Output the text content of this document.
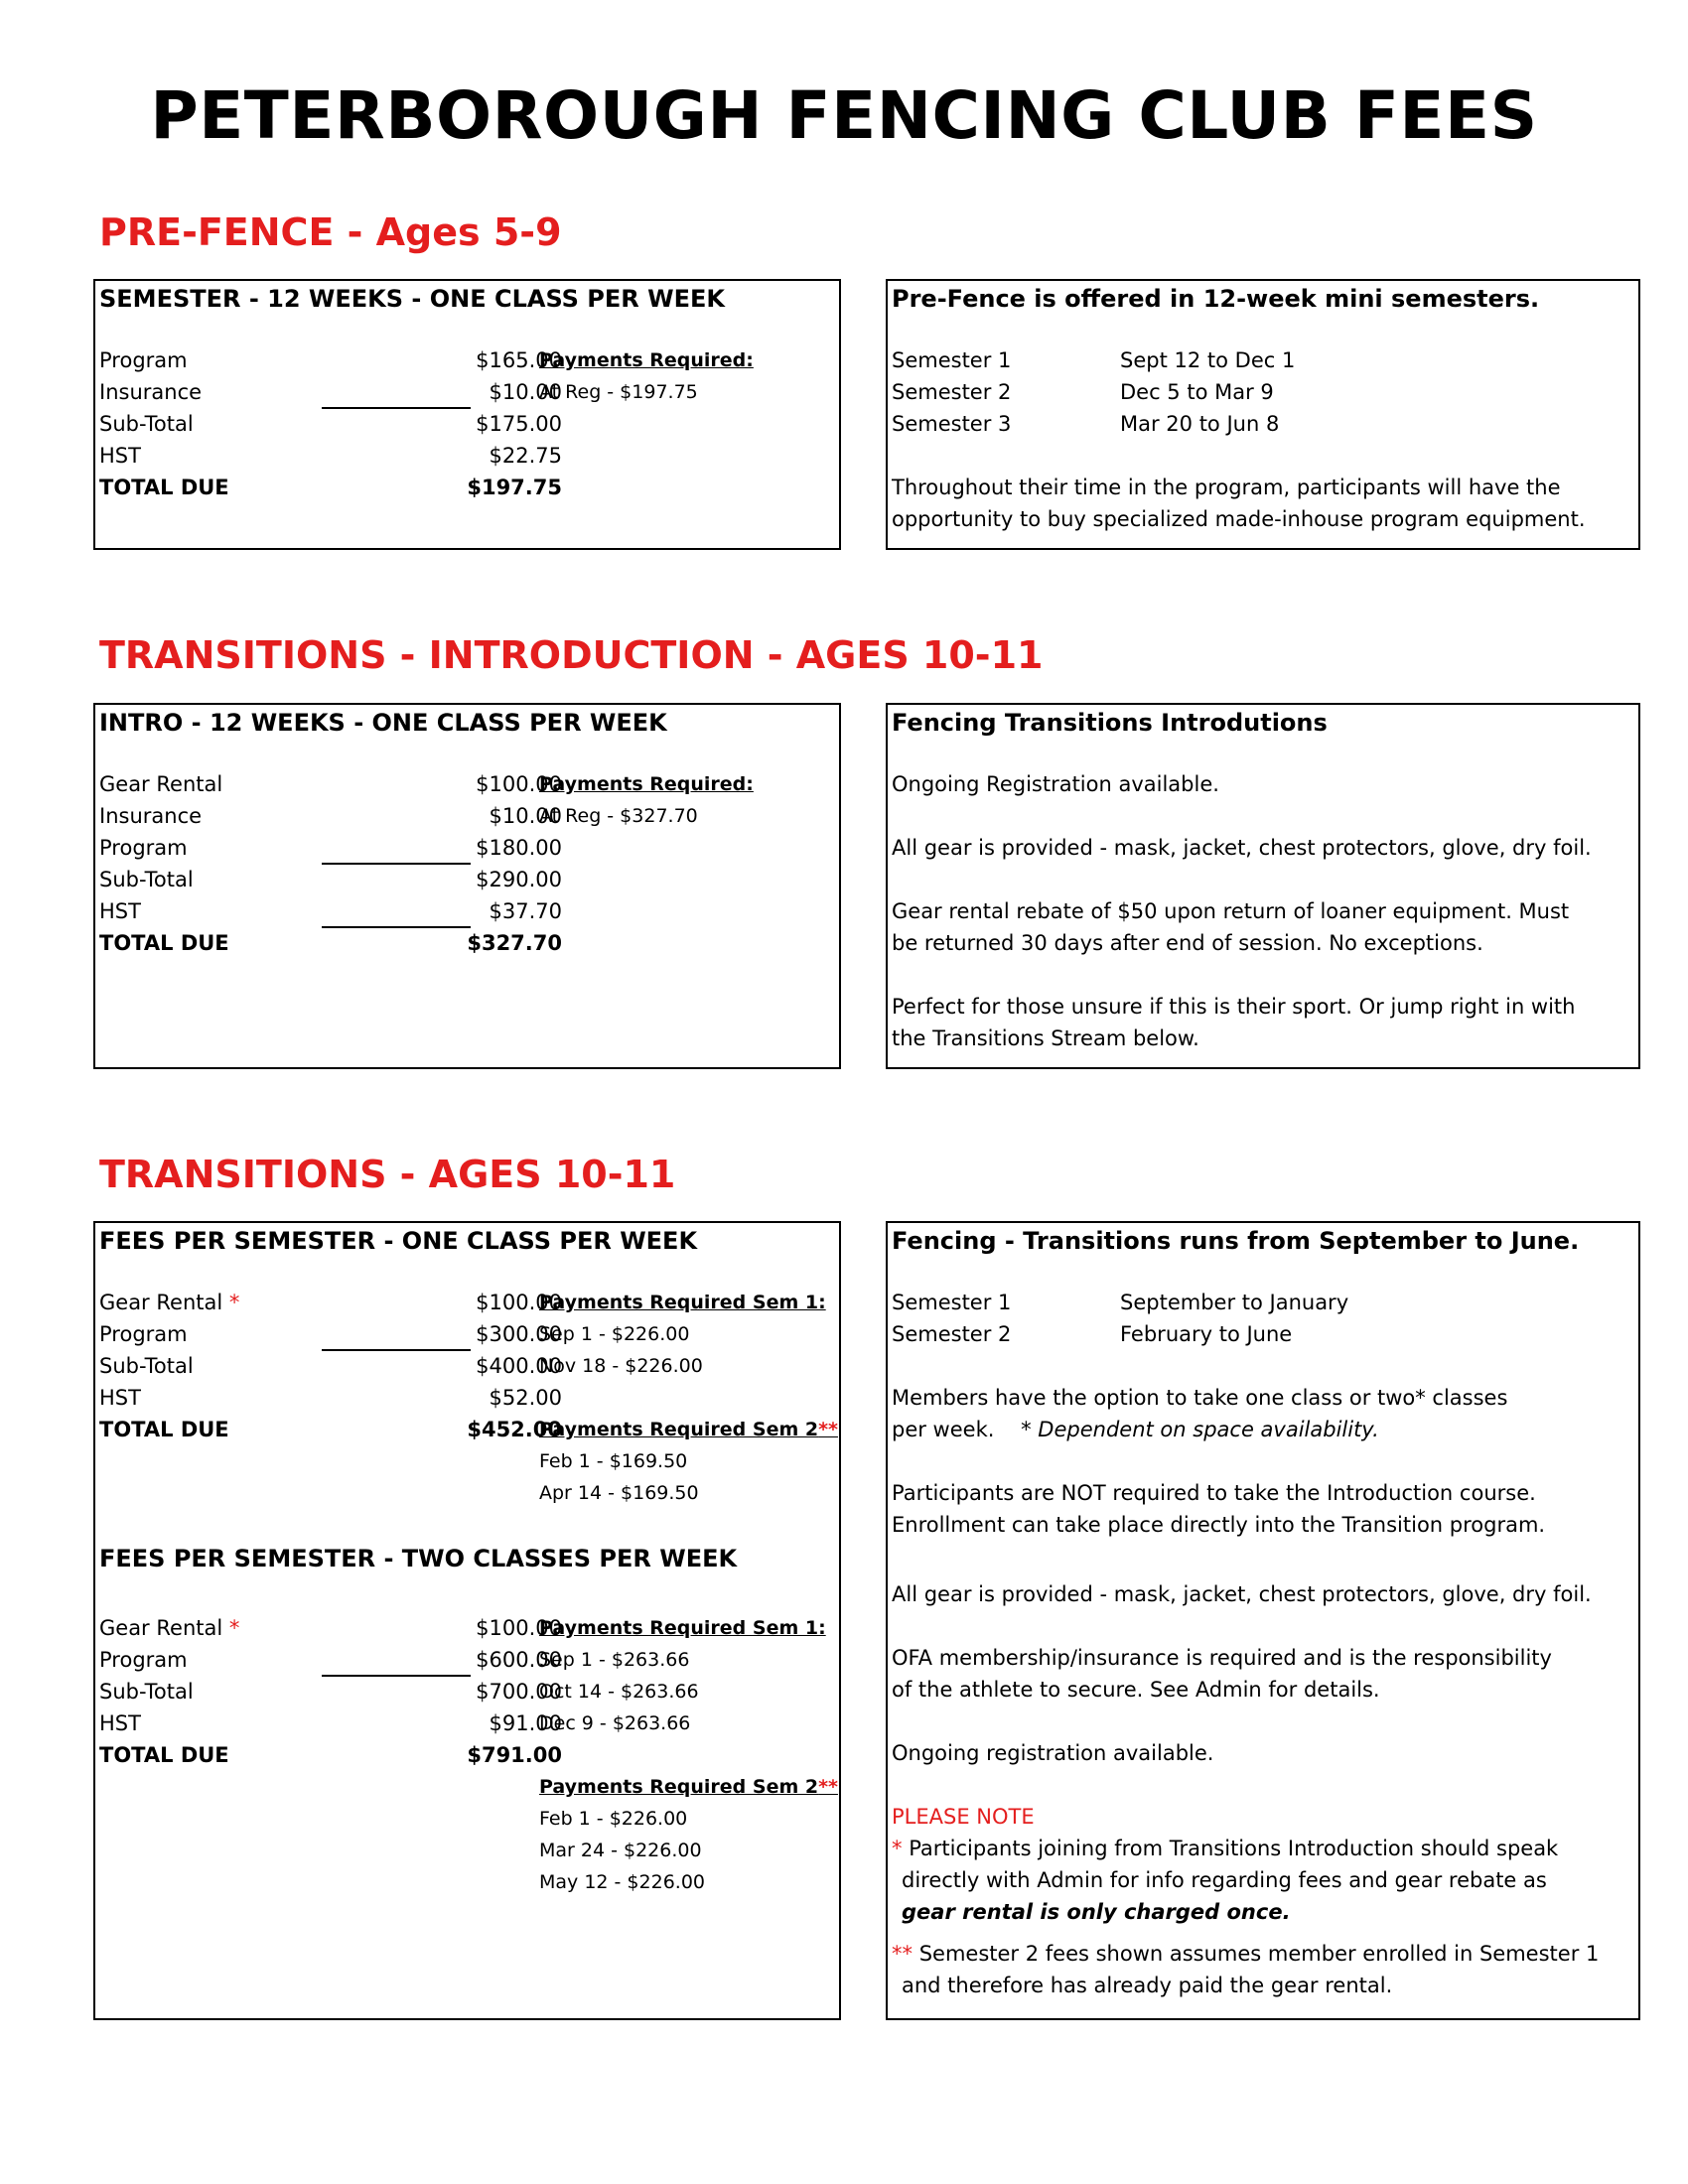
PETERBOROUGH FENCING CLUB FEES
PRE-FENCE - Ages 5-9
SEMESTER - 12 WEEKS - ONE CLASS PER WEEK
Program	$165.00
Insurance	$10.00
Sub-Total	$175.00
HST	$22.75
TOTAL DUE	$197.75
Payments Required:
At Reg - $197.75
Pre-Fence is offered in 12-week mini semesters.
Semester 1	Sept 12 to Dec 1
Semester 2	Dec 5 to Mar 9
Semester 3	Mar 20 to Jun 8
Throughout their time in the program, participants will have the
opportunity to buy specialized made-inhouse program equipment.
TRANSITIONS - INTRODUCTION - AGES 10-11
INTRO - 12 WEEKS - ONE CLASS PER WEEK
Gear Rental	$100.00
Insurance	$10.00
Program	$180.00
Sub-Total	$290.00
HST	$37.70
TOTAL DUE	$327.70
Payments Required:
At Reg - $327.70
Fencing Transitions Introdutions
Ongoing Registration available.
All gear is provided - mask, jacket, chest protectors, glove, dry foil.
Gear rental rebate of $50 upon return of loaner equipment. Must
be returned 30 days after end of session. No exceptions.
Perfect for those unsure if this is their sport. Or jump right in with
the Transitions Stream below.
TRANSITIONS - AGES 10-11
FEES PER SEMESTER - ONE CLASS PER WEEK
Gear Rental *	$100.00
Program	$300.00
Sub-Total	$400.00
HST	$52.00
TOTAL DUE	$452.00
Payments Required Sem 1:
Sep 1 - $226.00
Nov 18 - $226.00
Payments Required Sem 2**
Feb 1 - $169.50
Apr 14 - $169.50
FEES PER SEMESTER - TWO CLASSES PER WEEK
Gear Rental *	$100.00
Program	$600.00
Sub-Total	$700.00
HST	$91.00
TOTAL DUE	$791.00
Payments Required Sem 1:
Sep 1 - $263.66
Oct 14 - $263.66
Dec 9 - $263.66
Payments Required Sem 2**
Feb 1 - $226.00
Mar 24 - $226.00
May 12 - $226.00
Fencing - Transitions runs from September to June.
Semester 1	September to January
Semester 2	February to June
Members have the option to take one class or two* classes
per week. * Dependent on space availability.
Participants are NOT required to take the Introduction course.
Enrollment can take place directly into the Transition program.
All gear is provided - mask, jacket, chest protectors, glove, dry foil.
OFA membership/insurance is required and is the responsibility
of the athlete to secure. See Admin for details.
Ongoing registration available.
PLEASE NOTE
* Participants joining from Transitions Introduction should speak
directly with Admin for info regarding fees and gear rebate as
gear rental is only charged once.
** Semester 2 fees shown assumes member enrolled in Semester 1
and therefore has already paid the gear rental.
